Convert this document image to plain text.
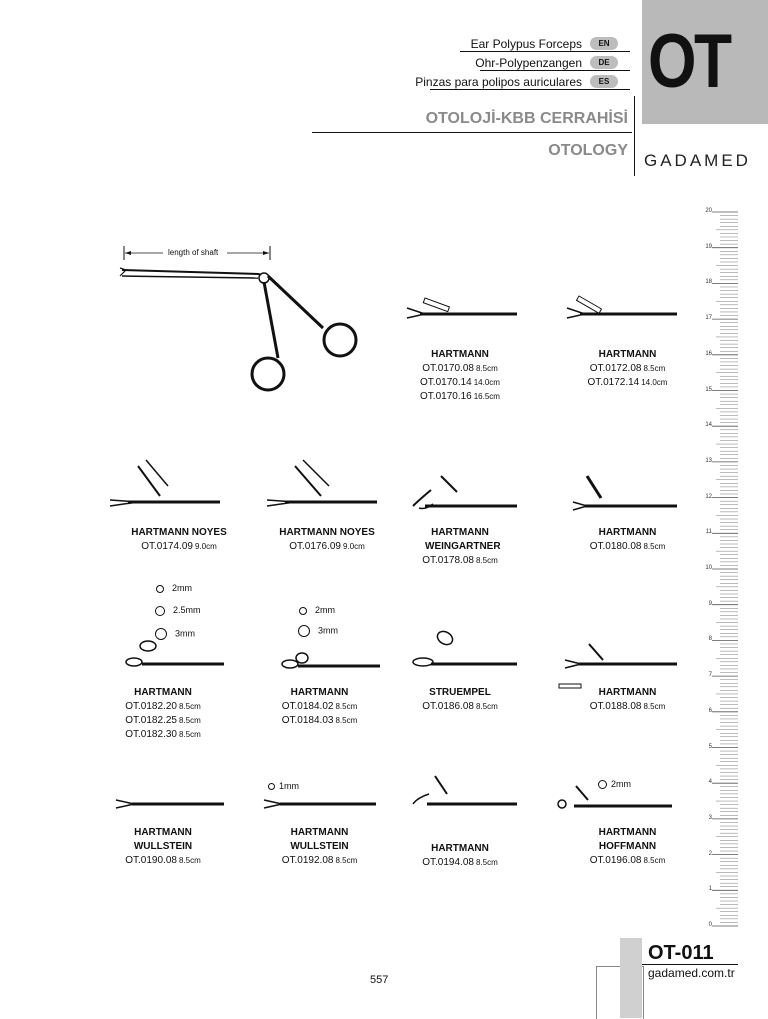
OT
Ear Polypus Forceps	EN
Ohr-Polypenzangen	DE
Pinzas para polipos auriculares	ES
OTOLOJİ-KBB CERRAHİSİ
OTOLOGY
GADAMED
20
19
18
17
16
15
14
13
12
11
10
9
8
7
6
5
4
3
2
1
0
length of shaft
2mm
2.5mm
3mm
2mm
3mm
1mm	2mm
HARTMANN
OT.0170.08 8.5cm
OT.0170.14 14.0cm
OT.0170.16 16.5cm
HARTMANN
OT.0172.08 8.5cm
OT.0172.14 14.0cm
HARTMANN NOYES
OT.0174.09 9.0cm
HARTMANN NOYES
OT.0176.09 9.0cm
HARTMANN WEINGARTNER
OT.0178.08 8.5cm
HARTMANN
OT.0180.08 8.5cm
HARTMANN
OT.0182.20 8.5cm
OT.0182.25 8.5cm
OT.0182.30 8.5cm
HARTMANN
OT.0184.02 8.5cm
OT.0184.03 8.5cm
STRUEMPEL
OT.0186.08 8.5cm
HARTMANN
OT.0188.08 8.5cm
HARTMANN WULLSTEIN
OT.0190.08 8.5cm
HARTMANN WULLSTEIN
OT.0192.08 8.5cm
HARTMANN
OT.0194.08 8.5cm
HARTMANN HOFFMANN
OT.0196.08 8.5cm
OT-011
gadamed.com.tr
557
